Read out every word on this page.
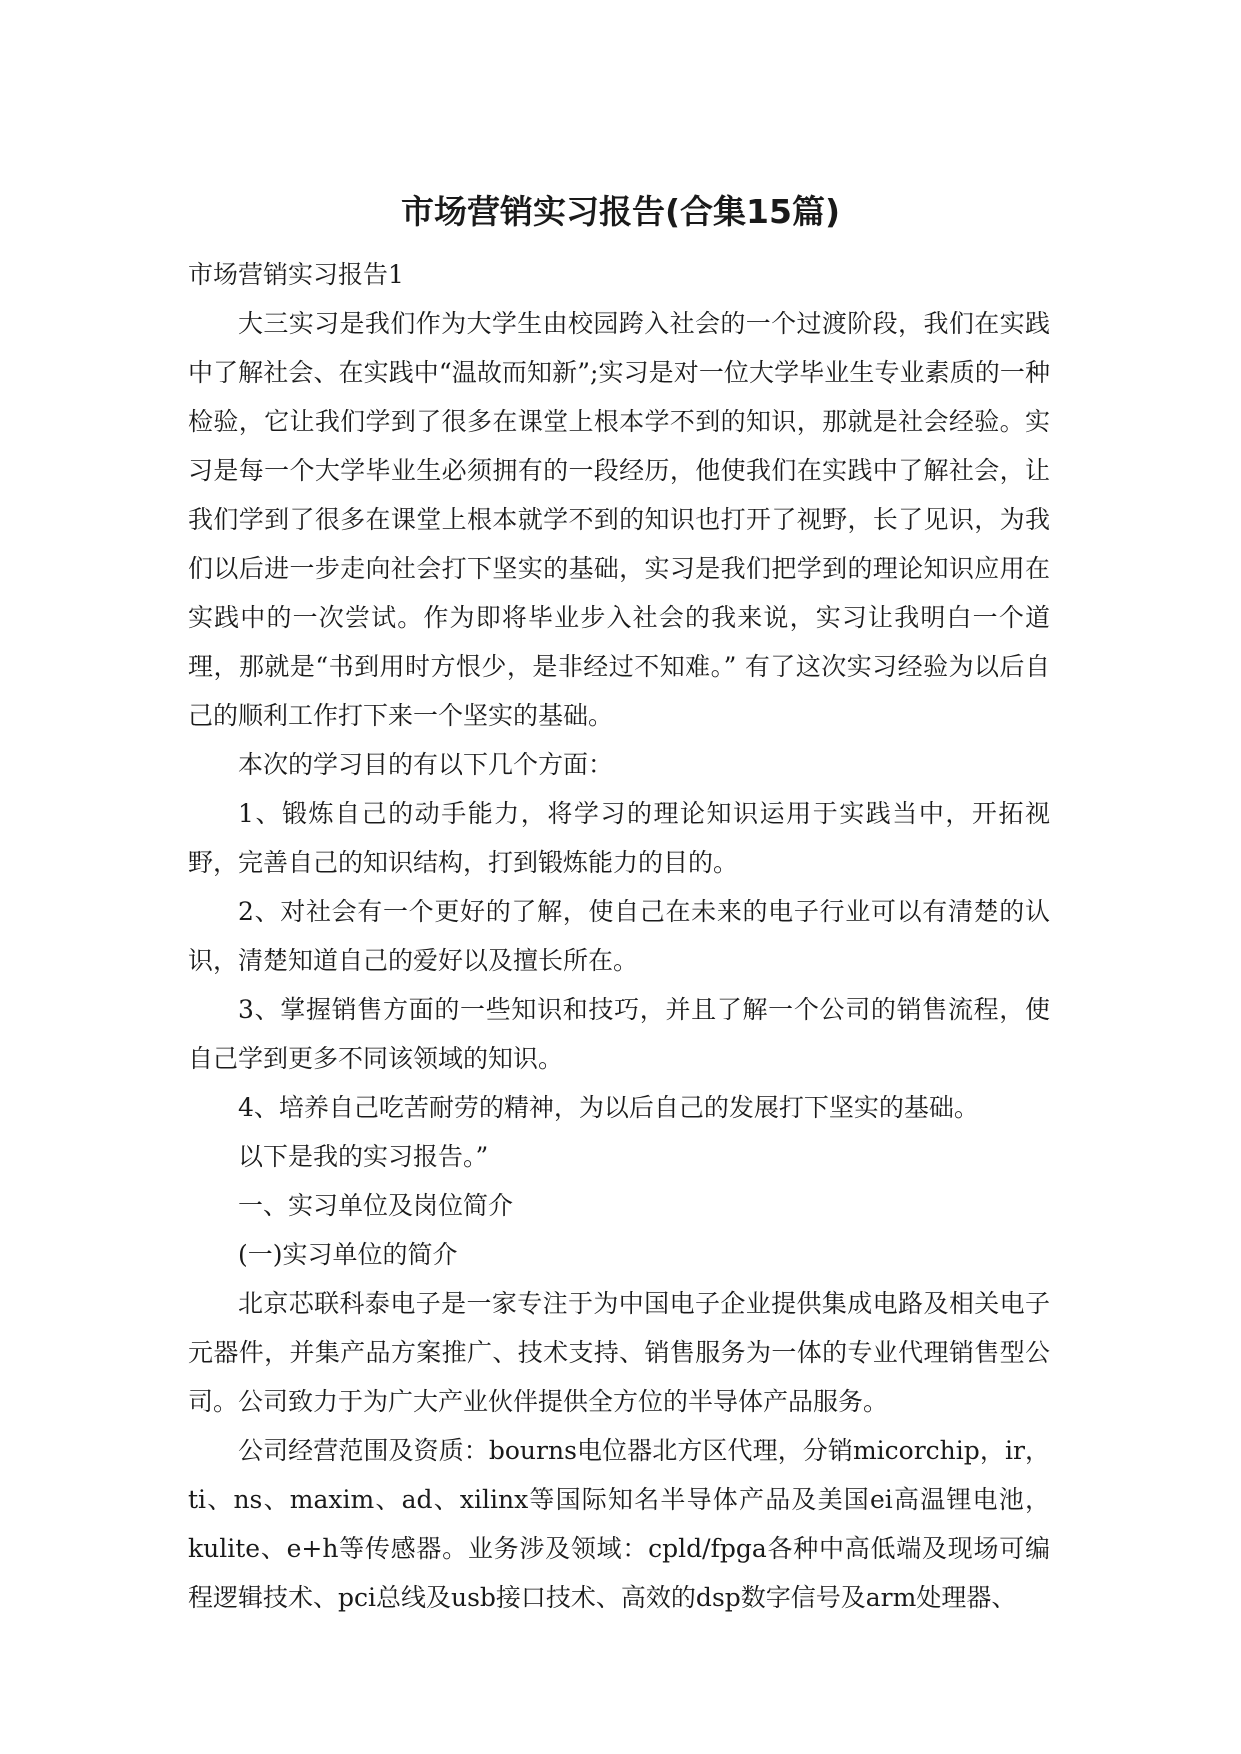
市场营销实习报告(合集15篇)

市场营销实习报告1

大三实习是我们作为大学生由校园跨入社会的一个过渡阶段，我们在实践中了解社会、在实践中“温故而知新”;实习是对一位大学毕业生专业素质的一种检验，它让我们学到了很多在课堂上根本学不到的知识，那就是社会经验。实习是每一个大学毕业生必须拥有的一段经历，他使我们在实践中了解社会，让我们学到了很多在课堂上根本就学不到的知识也打开了视野，长了见识，为我们以后进一步走向社会打下坚实的基础，实习是我们把学到的理论知识应用在实践中的一次尝试。作为即将毕业步入社会的我来说，实习让我明白一个道理，那就是“书到用时方恨少，是非经过不知难。” 有了这次实习经验为以后自己的顺利工作打下来一个坚实的基础。

本次的学习目的有以下几个方面：

1、锻炼自己的动手能力，将学习的理论知识运用于实践当中，开拓视野，完善自己的知识结构，打到锻炼能力的目的。

2、对社会有一个更好的了解，使自己在未来的电子行业可以有清楚的认识，清楚知道自己的爱好以及擅长所在。

3、掌握销售方面的一些知识和技巧，并且了解一个公司的销售流程，使自己学到更多不同该领域的知识。

4、培养自己吃苦耐劳的精神，为以后自己的发展打下坚实的基础。

以下是我的实习报告。”

一、实习单位及岗位简介

(一)实习单位的简介

北京芯联科泰电子是一家专注于为中国电子企业提供集成电路及相关电子元器件，并集产品方案推广、技术支持、销售服务为一体的专业代理销售型公司。公司致力于为广大产业伙伴提供全方位的半导体产品服务。

公司经营范围及资质：bourns电位器北方区代理，分销micorchip，ir，ti、ns、maxim、ad、xilinx等国际知名半导体产品及美国ei高温锂电池，kulite、e+h等传感器。业务涉及领域：cpld/fpga各种中高低端及现场可编程逻辑技术、pci总线及usb接口技术、高效的dsp数字信号及arm处理器、
